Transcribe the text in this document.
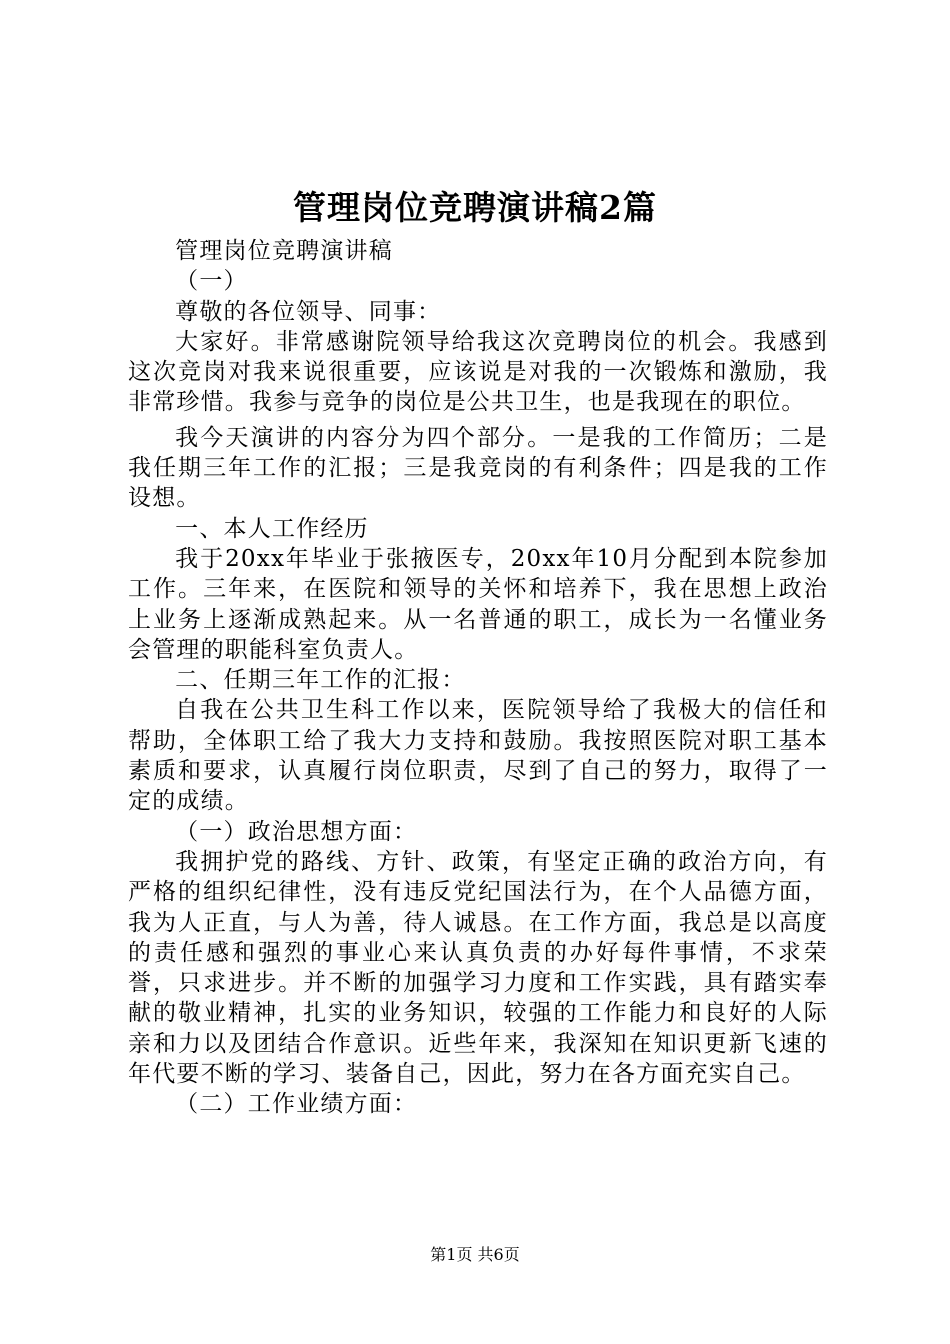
管理岗位竞聘演讲稿2篇

管理岗位竞聘演讲稿

（一）

尊敬的各位领导、同事：

大家好。非常感谢院领导给我这次竞聘岗位的机会。我感到这次竞岗对我来说很重要，应该说是对我的一次锻炼和激励，我非常珍惜。我参与竞争的岗位是公共卫生，也是我现在的职位。

我今天演讲的内容分为四个部分。一是我的工作简历；二是我任期三年工作的汇报；三是我竞岗的有利条件；四是我的工作设想。

一、本人工作经历

我于20xx年毕业于张掖医专，20xx年10月分配到本院参加工作。三年来，在医院和领导的关怀和培养下，我在思想上政治上业务上逐渐成熟起来。从一名普通的职工，成长为一名懂业务会管理的职能科室负责人。

二、任期三年工作的汇报：

自我在公共卫生科工作以来，医院领导给了我极大的信任和帮助，全体职工给了我大力支持和鼓励。我按照医院对职工基本素质和要求，认真履行岗位职责，尽到了自己的努力，取得了一定的成绩。

（一）政治思想方面：

我拥护党的路线、方针、政策，有坚定正确的政治方向，有严格的组织纪律性，没有违反党纪国法行为，在个人品德方面，我为人正直，与人为善，待人诚恳。在工作方面，我总是以高度的责任感和强烈的事业心来认真负责的办好每件事情，不求荣誉，只求进步。并不断的加强学习力度和工作实践，具有踏实奉献的敬业精神，扎实的业务知识，较强的工作能力和良好的人际亲和力以及团结合作意识。近些年来，我深知在知识更新飞速的年代要不断的学习、装备自己，因此，努力在各方面充实自己。

（二）工作业绩方面：

第1页 共6页
